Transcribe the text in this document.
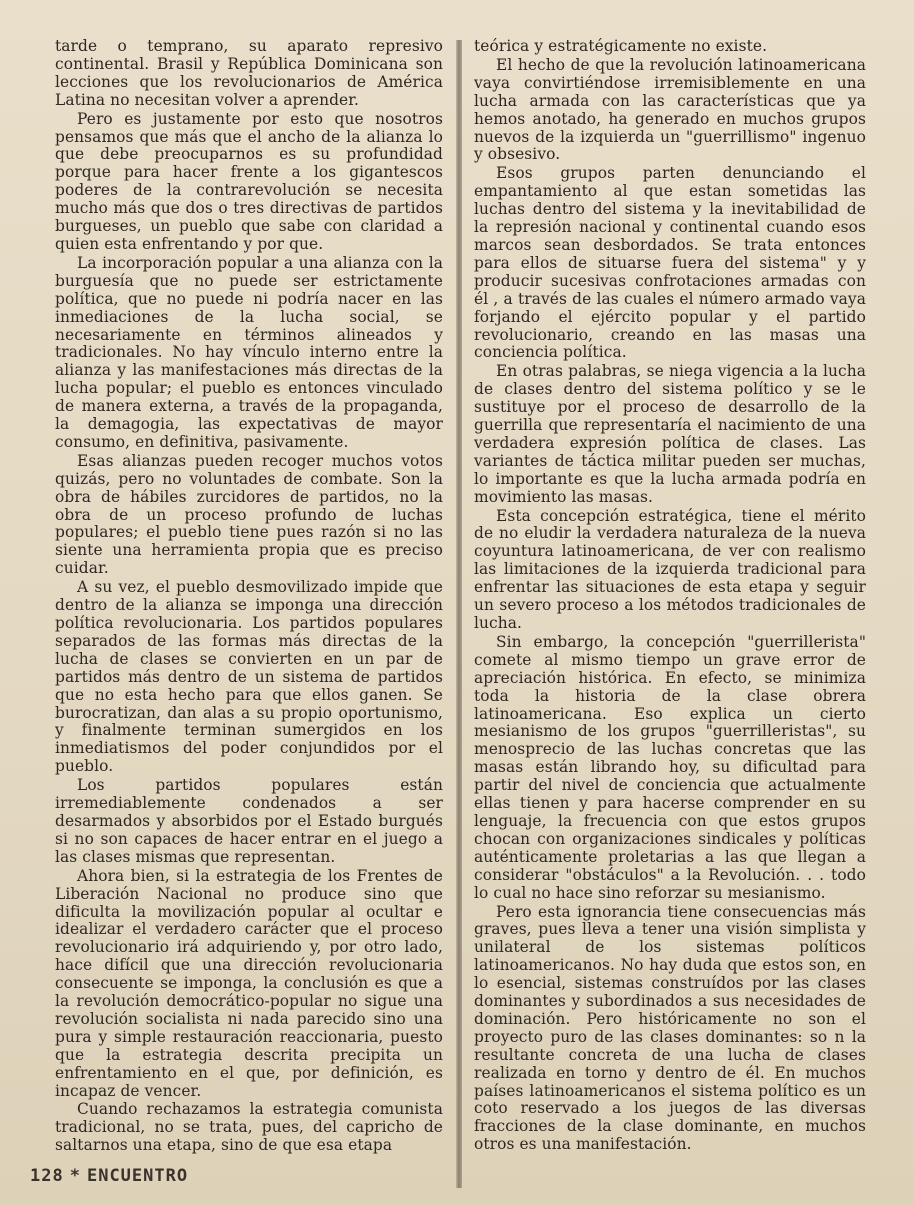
tarde o temprano, su aparato represivo continental. Brasil y República Dominicana son lecciones que los revolucionarios de América Latina no necesitan volver a aprender.

Pero es justamente por esto que nosotros pensamos que más que el ancho de la alianza lo que debe preocuparnos es su profundidad porque para hacer frente a los gigantescos poderes de la contrarevolución se necesita mucho más que dos o tres directivas de partidos burgueses, un pueblo que sabe con claridad a quien esta enfrentando y por que.

La incorporación popular a una alianza con la burguesía que no puede ser estrictamente política, que no puede ni podría nacer en las inmediaciones de la lucha social, se necesariamente en términos alineados y tradicionales. No hay vínculo interno entre la alianza y las manifestaciones más directas de la lucha popular; el pueblo es entonces vinculado de manera externa, a través de la propaganda, la demagogia, las expectativas de mayor consumo, en definitiva, pasivamente.

Esas alianzas pueden recoger muchos votos quizás, pero no voluntades de combate. Son la obra de hábiles zurcidores de partidos, no la obra de un proceso profundo de luchas populares; el pueblo tiene pues razón si no las siente una herramienta propia que es preciso cuidar.

A su vez, el pueblo desmovilizado impide que dentro de la alianza se imponga una dirección política revolucionaria. Los partidos populares separados de las formas más directas de la lucha de clases se convierten en un par de partidos más dentro de un sistema de partidos que no esta hecho para que ellos ganen. Se burocratizan, dan alas a su propio oportunismo, y finalmente terminan sumergidos en los inmediatismos del poder conjundidos por el pueblo.

Los partidos populares están irremediablemente condenados a ser desarmados y absorbidos por el Estado burgués si no son capaces de hacer entrar en el juego a las clases mismas que representan.

Ahora bien, si la estrategia de los Frentes de Liberación Nacional no produce sino que dificulta la movilización popular al ocultar e idealizar el verdadero carácter que el proceso revolucionario irá adquiriendo y, por otro lado, hace difícil que una dirección revolucionaria consecuente se imponga, la conclusión es que a la revolución democrático-popular no sigue una revolución socialista ni nada parecido sino una pura y simple restauración reaccionaria, puesto que la estrategia descrita precipita un enfrentamiento en el que, por definición, es incapaz de vencer.

Cuando rechazamos la estrategia comunista tradicional, no se trata, pues, del capricho de saltarnos una etapa, sino de que esa etapa

teórica y estratégicamente no existe.

El hecho de que la revolución latinoamericana vaya convirtiéndose irremisiblemente en una lucha armada con las características que ya hemos anotado, ha generado en muchos grupos nuevos de la izquierda un "guerrillismo" ingenuo y obsesivo.

Esos grupos parten denunciando el empantamiento al que estan sometidas las luchas dentro del sistema y la inevitabilidad de la represión nacional y continental cuando esos marcos sean desbordados. Se trata entonces para ellos de situarse fuera del sistema" y y producir sucesivas confrotaciones armadas con él , a través de las cuales el número armado vaya forjando el ejército popular y el partido revolucionario, creando en las masas una conciencia política.

En otras palabras, se niega vigencia a la lucha de clases dentro del sistema político y se le sustituye por el proceso de desarrollo de la guerrilla que representaría el nacimiento de una verdadera expresión política de clases. Las variantes de táctica militar pueden ser muchas, lo importante es que la lucha armada podría en movimiento las masas.

Esta concepción estratégica, tiene el mérito de no eludir la verdadera naturaleza de la nueva coyuntura latinoamericana, de ver con realismo las limitaciones de la izquierda tradicional para enfrentar las situaciones de esta etapa y seguir un severo proceso a los métodos tradicionales de lucha.

Sin embargo, la concepción "guerrillerista" comete al mismo tiempo un grave error de apreciación histórica. En efecto, se minimiza toda la historia de la clase obrera latinoamericana. Eso explica un cierto mesianismo de los grupos "guerrilleristas", su menosprecio de las luchas concretas que las masas están librando hoy, su dificultad para partir del nivel de conciencia que actualmente ellas tienen y para hacerse comprender en su lenguaje, la frecuencia con que estos grupos chocan con organizaciones sindicales y políticas auténticamente proletarias a las que llegan a considerar "obstáculos" a la Revolución. . . todo lo cual no hace sino reforzar su mesianismo.

Pero esta ignorancia tiene consecuencias más graves, pues lleva a tener una visión simplista y unilateral de los sistemas políticos latinoamericanos. No hay duda que estos son, en lo esencial, sistemas construídos por las clases dominantes y subordinados a sus necesidades de dominación. Pero históricamente no son el proyecto puro de las clases dominantes: so n la resultante concreta de una lucha de clases realizada en torno y dentro de él. En muchos países latinoamericanos el sistema político es un coto reservado a los juegos de las diversas fracciones de la clase dominante, en muchos otros es una manifestación.

128 * ENCUENTRO
